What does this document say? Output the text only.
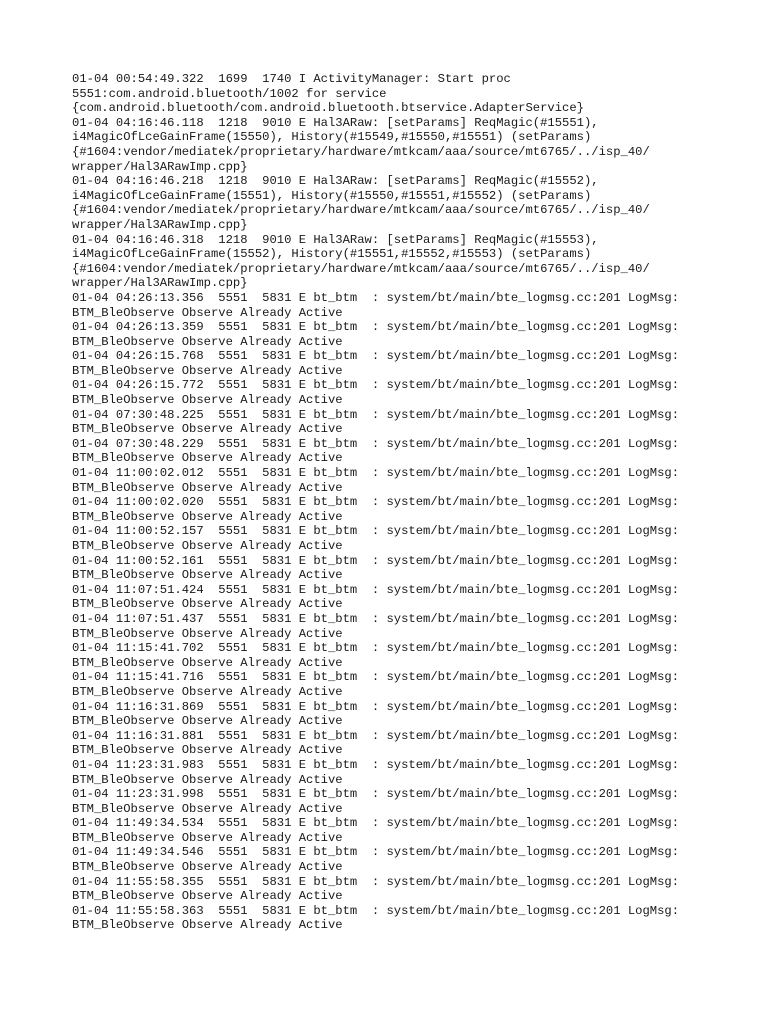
01-04 00:54:49.322  1699  1740 I ActivityManager: Start proc
5551:com.android.bluetooth/1002 for service
{com.android.bluetooth/com.android.bluetooth.btservice.AdapterService}
01-04 04:16:46.118  1218  9010 E Hal3ARaw: [setParams] ReqMagic(#15551),
i4MagicOfLceGainFrame(15550), History(#15549,#15550,#15551) (setParams)
{#1604:vendor/mediatek/proprietary/hardware/mtkcam/aaa/source/mt6765/../isp_40/
wrapper/Hal3ARawImp.cpp}
01-04 04:16:46.218  1218  9010 E Hal3ARaw: [setParams] ReqMagic(#15552),
i4MagicOfLceGainFrame(15551), History(#15550,#15551,#15552) (setParams)
{#1604:vendor/mediatek/proprietary/hardware/mtkcam/aaa/source/mt6765/../isp_40/
wrapper/Hal3ARawImp.cpp}
01-04 04:16:46.318  1218  9010 E Hal3ARaw: [setParams] ReqMagic(#15553),
i4MagicOfLceGainFrame(15552), History(#15551,#15552,#15553) (setParams)
{#1604:vendor/mediatek/proprietary/hardware/mtkcam/aaa/source/mt6765/../isp_40/
wrapper/Hal3ARawImp.cpp}
01-04 04:26:13.356  5551  5831 E bt_btm  : system/bt/main/bte_logmsg.cc:201 LogMsg:
BTM_BleObserve Observe Already Active
01-04 04:26:13.359  5551  5831 E bt_btm  : system/bt/main/bte_logmsg.cc:201 LogMsg:
BTM_BleObserve Observe Already Active
01-04 04:26:15.768  5551  5831 E bt_btm  : system/bt/main/bte_logmsg.cc:201 LogMsg:
BTM_BleObserve Observe Already Active
01-04 04:26:15.772  5551  5831 E bt_btm  : system/bt/main/bte_logmsg.cc:201 LogMsg:
BTM_BleObserve Observe Already Active
01-04 07:30:48.225  5551  5831 E bt_btm  : system/bt/main/bte_logmsg.cc:201 LogMsg:
BTM_BleObserve Observe Already Active
01-04 07:30:48.229  5551  5831 E bt_btm  : system/bt/main/bte_logmsg.cc:201 LogMsg:
BTM_BleObserve Observe Already Active
01-04 11:00:02.012  5551  5831 E bt_btm  : system/bt/main/bte_logmsg.cc:201 LogMsg:
BTM_BleObserve Observe Already Active
01-04 11:00:02.020  5551  5831 E bt_btm  : system/bt/main/bte_logmsg.cc:201 LogMsg:
BTM_BleObserve Observe Already Active
01-04 11:00:52.157  5551  5831 E bt_btm  : system/bt/main/bte_logmsg.cc:201 LogMsg:
BTM_BleObserve Observe Already Active
01-04 11:00:52.161  5551  5831 E bt_btm  : system/bt/main/bte_logmsg.cc:201 LogMsg:
BTM_BleObserve Observe Already Active
01-04 11:07:51.424  5551  5831 E bt_btm  : system/bt/main/bte_logmsg.cc:201 LogMsg:
BTM_BleObserve Observe Already Active
01-04 11:07:51.437  5551  5831 E bt_btm  : system/bt/main/bte_logmsg.cc:201 LogMsg:
BTM_BleObserve Observe Already Active
01-04 11:15:41.702  5551  5831 E bt_btm  : system/bt/main/bte_logmsg.cc:201 LogMsg:
BTM_BleObserve Observe Already Active
01-04 11:15:41.716  5551  5831 E bt_btm  : system/bt/main/bte_logmsg.cc:201 LogMsg:
BTM_BleObserve Observe Already Active
01-04 11:16:31.869  5551  5831 E bt_btm  : system/bt/main/bte_logmsg.cc:201 LogMsg:
BTM_BleObserve Observe Already Active
01-04 11:16:31.881  5551  5831 E bt_btm  : system/bt/main/bte_logmsg.cc:201 LogMsg:
BTM_BleObserve Observe Already Active
01-04 11:23:31.983  5551  5831 E bt_btm  : system/bt/main/bte_logmsg.cc:201 LogMsg:
BTM_BleObserve Observe Already Active
01-04 11:23:31.998  5551  5831 E bt_btm  : system/bt/main/bte_logmsg.cc:201 LogMsg:
BTM_BleObserve Observe Already Active
01-04 11:49:34.534  5551  5831 E bt_btm  : system/bt/main/bte_logmsg.cc:201 LogMsg:
BTM_BleObserve Observe Already Active
01-04 11:49:34.546  5551  5831 E bt_btm  : system/bt/main/bte_logmsg.cc:201 LogMsg:
BTM_BleObserve Observe Already Active
01-04 11:55:58.355  5551  5831 E bt_btm  : system/bt/main/bte_logmsg.cc:201 LogMsg:
BTM_BleObserve Observe Already Active
01-04 11:55:58.363  5551  5831 E bt_btm  : system/bt/main/bte_logmsg.cc:201 LogMsg:
BTM_BleObserve Observe Already Active
